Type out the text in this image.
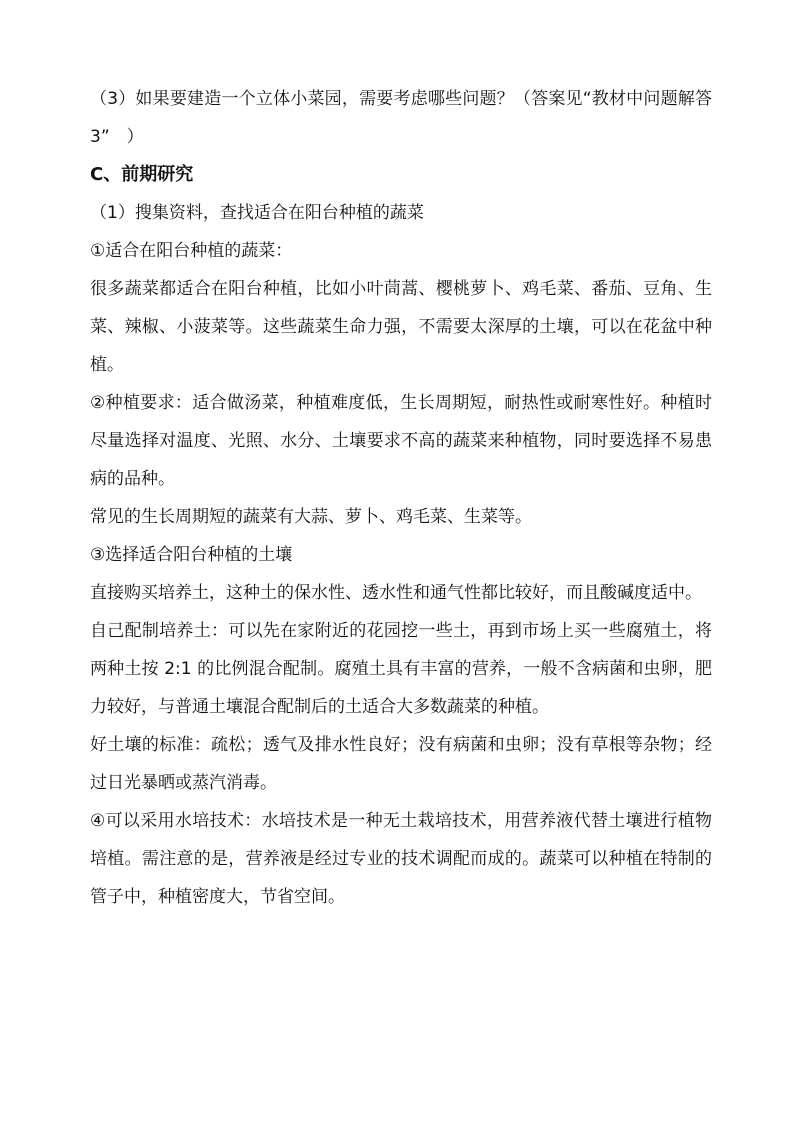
（3）如果要建造一个立体小菜园，需要考虑哪些问题？（答案见“教材中问题解答 3”　）

C、前期研究

（1）搜集资料，查找适合在阳台种植的蔬菜

①适合在阳台种植的蔬菜：

很多蔬菜都适合在阳台种植，比如小叶茼蒿、樱桃萝卜、鸡毛菜、番茄、豆角、生菜、辣椒、小菠菜等。这些蔬菜生命力强，不需要太深厚的土壤，可以在花盆中种植。

②种植要求：适合做汤菜，种植难度低，生长周期短，耐热性或耐寒性好。种植时尽量选择对温度、光照、水分、土壤要求不高的蔬菜来种植物，同时要选择不易患病的品种。

常见的生长周期短的蔬菜有大蒜、萝卜、鸡毛菜、生菜等。

③选择适合阳台种植的土壤

直接购买培养土，这种土的保水性、透水性和通气性都比较好，而且酸碱度适中。

自己配制培养土：可以先在家附近的花园挖一些土，再到市场上买一些腐殖土，将两种土按 2:1 的比例混合配制。腐殖土具有丰富的营养，一般不含病菌和虫卵，肥力较好，与普通土壤混合配制后的土适合大多数蔬菜的种植。

好土壤的标准：疏松；透气及排水性良好；没有病菌和虫卵；没有草根等杂物；经过日光暴晒或蒸汽消毒。

④可以采用水培技术：水培技术是一种无土栽培技术，用营养液代替土壤进行植物培植。需注意的是，营养液是经过专业的技术调配而成的。蔬菜可以种植在特制的管子中，种植密度大，节省空间。
